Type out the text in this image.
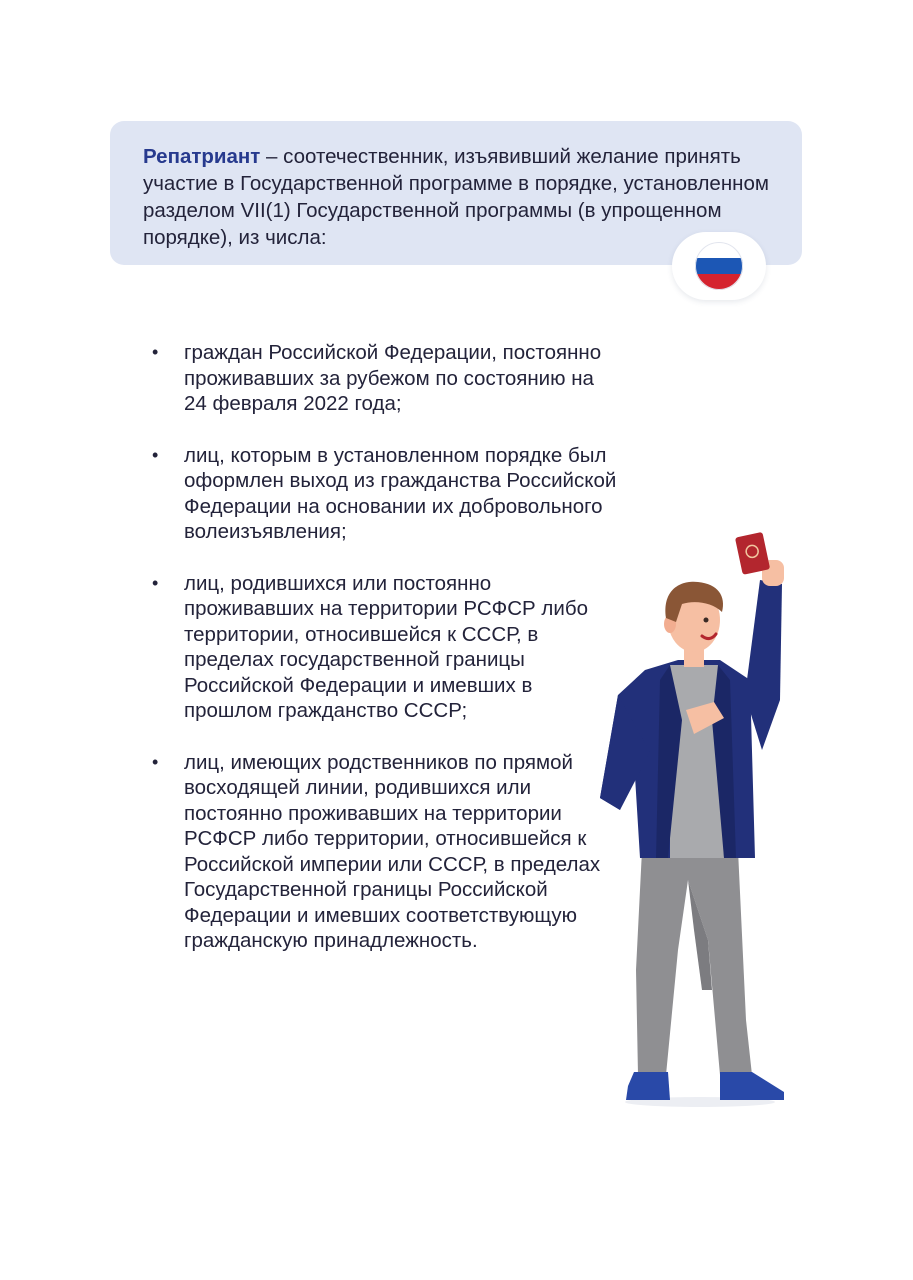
Репатриант – соотечественник, изъявивший желание принять участие в Государственной программе в порядке, установленном разделом VII(1) Государственной программы (в упрощенном порядке), из числа:

• граждан Российской Федерации, постоянно проживавших за рубежом по состоянию на 24 февраля 2022 года;
• лиц, которым в установленном порядке был оформлен выход из гражданства Российской Федерации на основании их добровольного волеизъявления;
• лиц, родившихся или постоянно проживавших на территории РСФСР либо территории, относившейся к СССР, в пределах государственной границы Российской Федерации и имевших в прошлом гражданство СССР;
• лиц, имеющих родственников по прямой восходящей линии, родившихся или постоянно проживавших на территории РСФСР либо территории, относившейся к Российской империи или СССР, в пределах Государственной границы Российской Федерации и имевших соответствующую гражданскую принадлежность.
